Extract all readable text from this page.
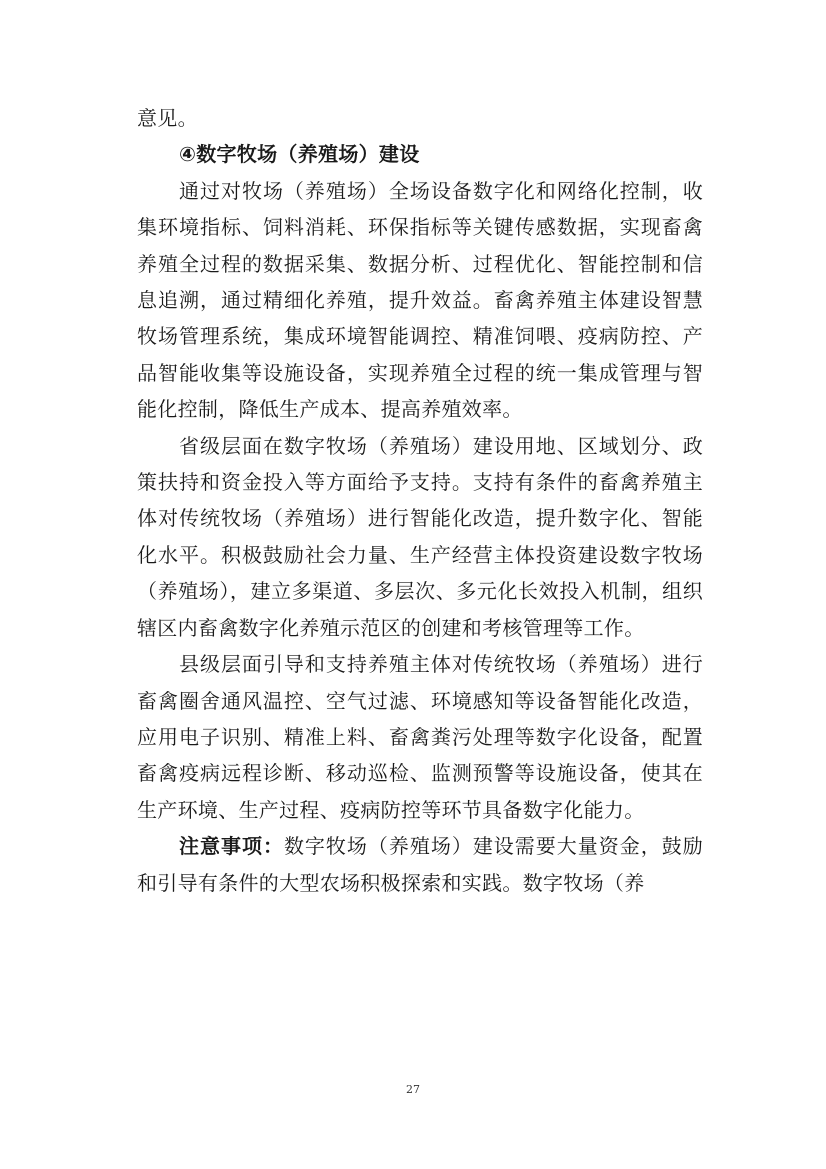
意见。

④数字牧场（养殖场）建设

通过对牧场（养殖场）全场设备数字化和网络化控制，收集环境指标、饲料消耗、环保指标等关键传感数据，实现畜禽养殖全过程的数据采集、数据分析、过程优化、智能控制和信息追溯，通过精细化养殖，提升效益。畜禽养殖主体建设智慧牧场管理系统，集成环境智能调控、精准饲喂、疫病防控、产品智能收集等设施设备，实现养殖全过程的统一集成管理与智能化控制，降低生产成本、提高养殖效率。

省级层面在数字牧场（养殖场）建设用地、区域划分、政策扶持和资金投入等方面给予支持。支持有条件的畜禽养殖主体对传统牧场（养殖场）进行智能化改造，提升数字化、智能化水平。积极鼓励社会力量、生产经营主体投资建设数字牧场（养殖场），建立多渠道、多层次、多元化长效投入机制，组织辖区内畜禽数字化养殖示范区的创建和考核管理等工作。

县级层面引导和支持养殖主体对传统牧场（养殖场）进行畜禽圈舍通风温控、空气过滤、环境感知等设备智能化改造，应用电子识别、精准上料、畜禽粪污处理等数字化设备，配置畜禽疫病远程诊断、移动巡检、监测预警等设施设备，使其在生产环境、生产过程、疫病防控等环节具备数字化能力。

注意事项：数字牧场（养殖场）建设需要大量资金，鼓励和引导有条件的大型农场积极探索和实践。数字牧场（养

27
